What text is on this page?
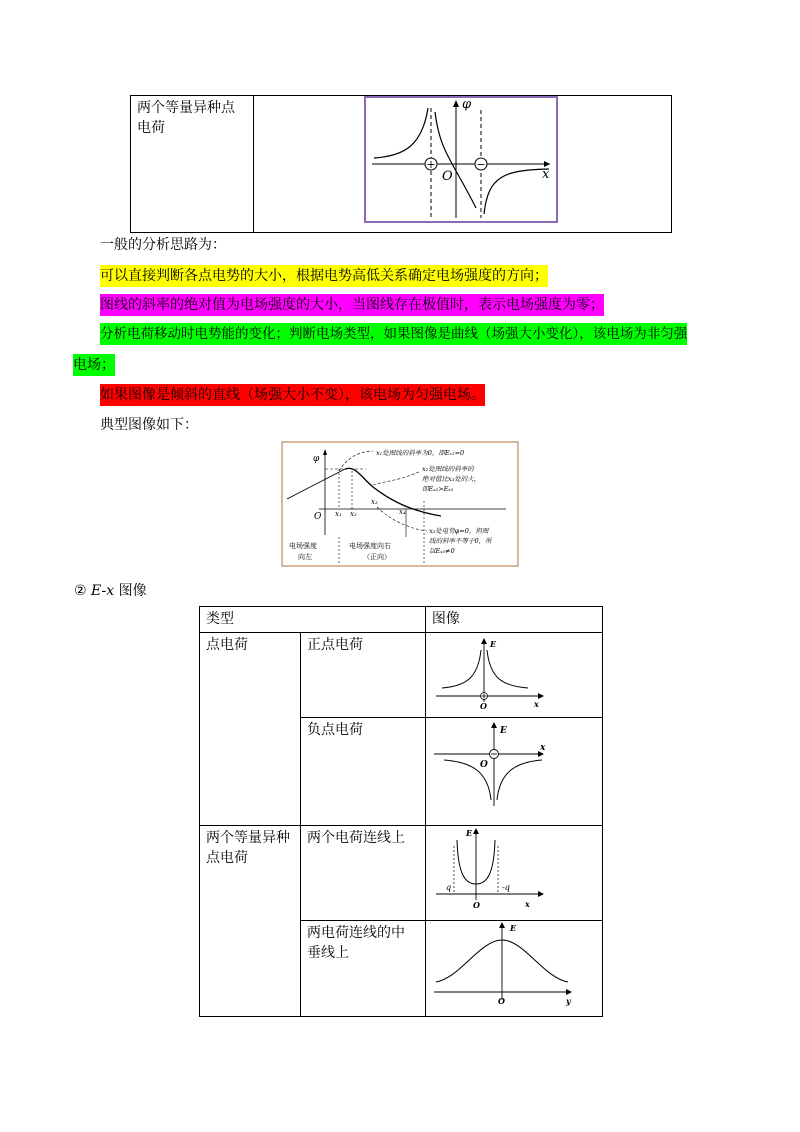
两个等量异种点电荷

+	−
φ
x
O
一般的分析思路为：
可以直接判断各点电势的大小，根据电势高低关系确定电场强度的方向；
图线的斜率的绝对值为电场强度的大小，当图线存在极值时，表示电场强度为零；
分析电荷移动时电势能的变化；判断电场类型，如果图像是曲线（场强大小变化），该电场为非匀强
电场；
如果图像是倾斜的直线（场强大小不变），该电场为匀强电场。
典型图像如下：
φ
O x₁ x₂
x₃
x₄
x₁处图线的斜率为0，即Eₓ₁=0
x₂处图线的斜率的
绝对值比x₃处的大，
即Eₓ₂>Eₓ₃
x₃处电势φ=0，但图
线的斜率不等于0，所
以Eₓ₃≠0
电场强度
向左
电场强度向右
（正向）
② E-x 图像
类型		图像
点电荷	正点电荷	
	负点电荷	

两个等量异种点电荷	两个电荷连线上	

	两电荷连线的中垂线上	

E
O	x
E
O
x
E
q	-q
O	x
E
O	y
